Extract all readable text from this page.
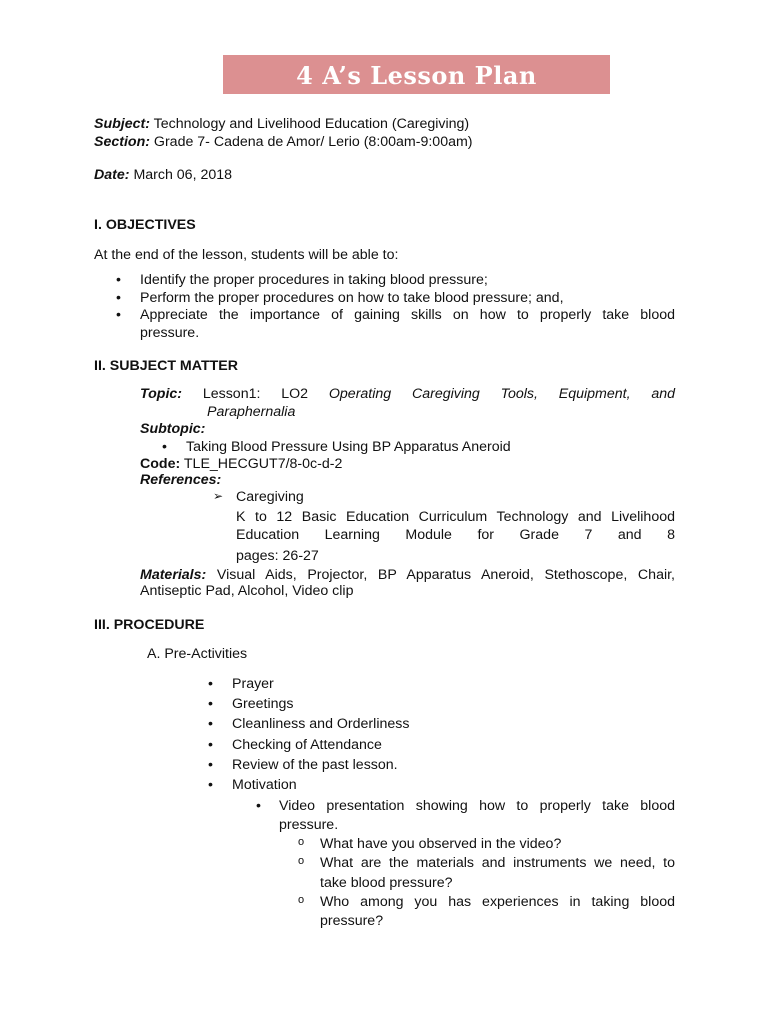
4 A’s Lesson Plan
Subject: Technology and Livelihood Education (Caregiving)
Section: Grade 7- Cadena de Amor/ Lerio (8:00am-9:00am)
Date: March 06, 2018
I. OBJECTIVES
At the end of the lesson, students will be able to:
• Identify the proper procedures in taking blood pressure;
• Perform the proper procedures on how to take blood pressure; and,
• Appreciate the importance of gaining skills on how to properly take blood
pressure.
II. SUBJECT MATTER
Topic: Lesson1: LO2 Operating Caregiving Tools, Equipment, and
Paraphernalia
Subtopic:
• Taking Blood Pressure Using BP Apparatus Aneroid
Code: TLE_HECGUT7/8-0c-d-2
References:
➢ Caregiving
K to 12 Basic Education Curriculum Technology and Livelihood
Education Learning Module for Grade 7 and 8
pages: 26-27
Materials: Visual Aids, Projector, BP Apparatus Aneroid, Stethoscope, Chair,
Antiseptic Pad, Alcohol, Video clip
III. PROCEDURE
A. Pre-Activities
• Prayer
• Greetings
• Cleanliness and Orderliness
• Checking of Attendance
• Review of the past lesson.
• Motivation
• Video presentation showing how to properly take blood
pressure.
o What have you observed in the video?
o What are the materials and instruments we need, to
take blood pressure?
o Who among you has experiences in taking blood
pressure?
